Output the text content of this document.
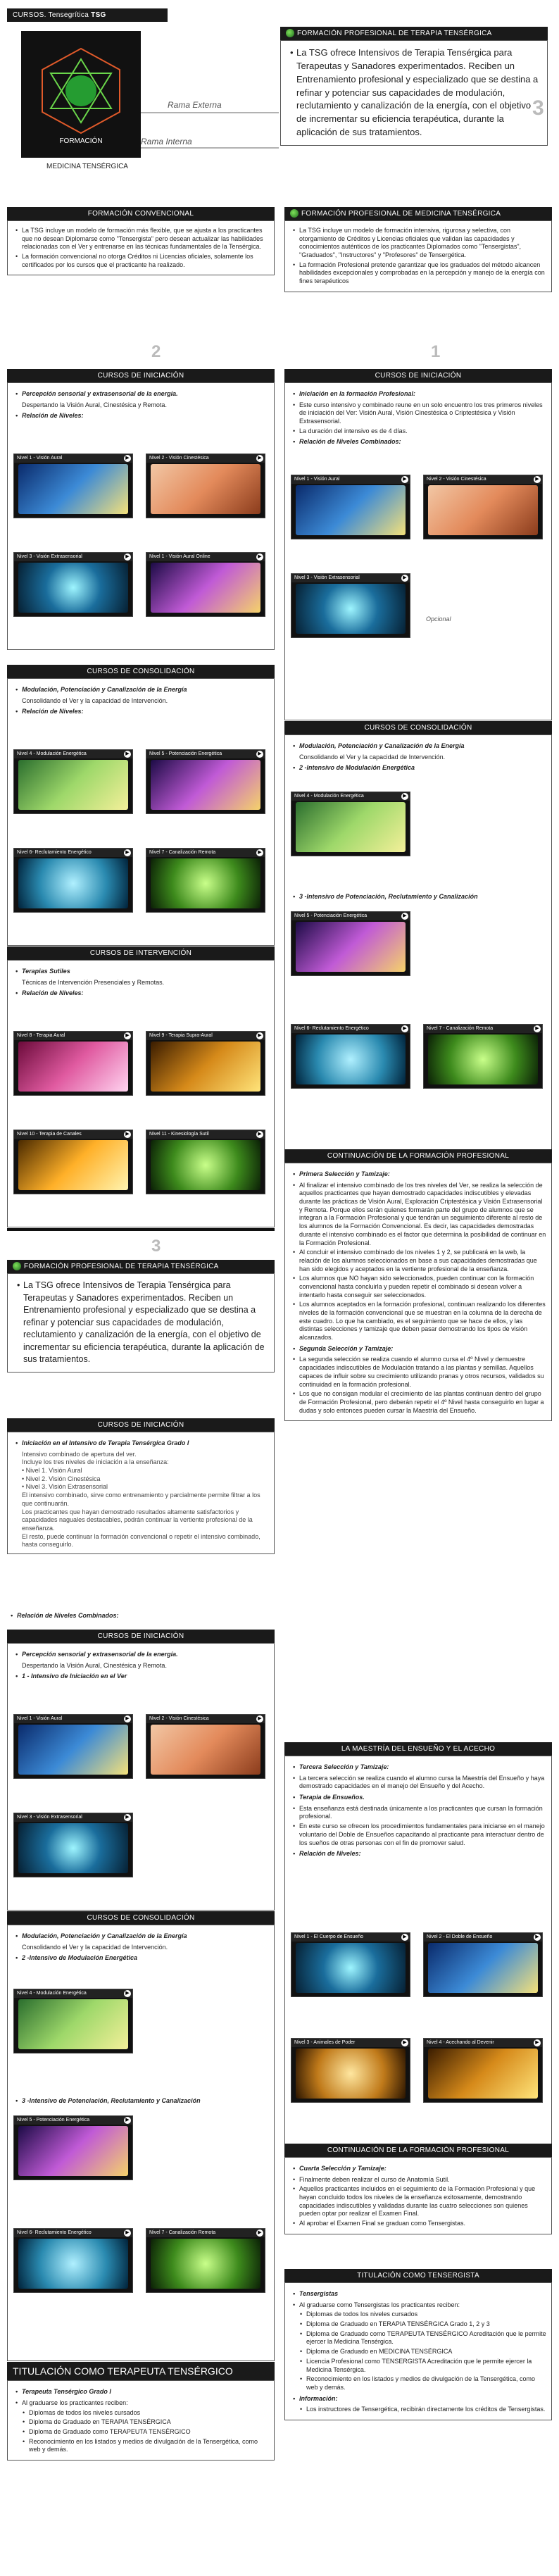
CURSOS. Tensegrítica TSG
FORMACIÓN
MEDICINA TENSÉRGICA
Rama Externa
Rama Interna
FORMACIÓN PROFESIONAL DE TERAPIA TENSÉRGICA
• La TSG ofrece Intensivos de Terapia Tensérgica para Terapeutas y Sanadores experimentados. Reciben un Entrenamiento profesional y especializado que se destina a refinar y potenciar sus capacidades de modulación, reclutamiento y canalización de la energía, con el objetivo de incrementar su eficiencia terapéutica, durante la aplicación de sus tratamientos.
3
FORMACIÓN CONVENCIONAL
• La TSG incluye un modelo de formación más flexible, que se ajusta a los practicantes que no desean Diplomarse como "Tensergista" pero desean actualizar las habilidades relacionadas con el Ver y entrenarse en las técnicas fundamentales de la Tensérgica.
• La formación convencional no otorga Créditos ni Licencias oficiales, solamente los certificados por los cursos que el practicante ha realizado.
2
CURSOS DE INICIACIÓN
• Percepción sensorial y extrasensorial de la energía.
Despertando la Visión Aural, Cinestésica y Remota.
• Relación de Niveles:
Nivel 1 - Visión Aural	▶	Nivel 2 - Visión Cinestésica	▶
Nivel 3 - Visión Extrasensorial	▶	Nivel 1 - Visión Aural Online	▶
CURSOS DE CONSOLIDACIÓN
• Modulación, Potenciación y Canalización de la Energía
Consolidando el Ver y la capacidad de Intervención.
• Relación de Niveles:
Nivel 4 - Modulación Energética	▶	Nivel 5 - Potenciación Energética	▶
Nivel 6- Reclutamiento Energético	▶	Nivel 7 - Canalización Remota	▶
CURSOS DE INTERVENCIÓN
• Terapias Sutiles
Técnicas de Intervención Presenciales y Remotas.
• Relación de Niveles:
Nivel 8 - Terapia Aural	▶	Nivel 9 - Terapia Supra-Aural	▶
Nivel 10 - Terapia de Canales	▶	Nivel 11 - Kinesiología Sutil	▶
3
FORMACIÓN PROFESIONAL DE TERAPIA TENSÉRGICA
• La TSG ofrece Intensivos de Terapia Tensérgica para Terapeutas y Sanadores experimentados. Reciben un Entrenamiento profesional y especializado que se destina a refinar y potenciar sus capacidades de modulación, reclutamiento y canalización de la energía, con el objetivo de incrementar su eficiencia terapéutica, durante la aplicación de sus tratamientos.
CURSOS DE INICIACIÓN
• Iniciación en el Intensivo de Terapia Tensérgica Grado I
Intensivo combinado de apertura del ver.
Incluye los tres niveles de iniciación a la enseñanza:
• Nivel 1. Visión Aural
• Nivel 2. Visión Cinestésica
• Nivel 3. Visión Extrasensorial
El intensivo combinado, sirve como entrenamiento y parcialmente permite filtrar a los que continuarán.
Los practicantes que hayan demostrado resultados altamente satisfactorios y capacidades naguales destacables, podrán continuar la vertiente profesional de la enseñanza.
El resto, puede continuar la formación convencional o repetir el intensivo combinado, hasta conseguirlo.
• Relación de Niveles Combinados:
CURSOS DE INICIACIÓN
• Percepción sensorial y extrasensorial de la energía.
Despertando la Visión Aural, Cinestésica y Remota.
• 1 - Intensivo de Iniciación en el Ver
Nivel 1 - Visión Aural	▶	Nivel 2 - Visión Cinestésica	▶
Nivel 3 - Visión Extrasensorial	▶
CURSOS DE CONSOLIDACIÓN
• Modulación, Potenciación y Canalización de la Energía
Consolidando el Ver y la capacidad de Intervención.
• 2 -Intensivo de Modulación Energética
Nivel 4 - Modulación Energética	▶
• 3 -Intensivo de Potenciación, Reclutamiento y Canalización
Nivel 5 - Potenciación Energética	▶
Nivel 6- Reclutamiento Energético	▶	Nivel 7 - Canalización Remota	▶
TITULACIÓN COMO TERAPEUTA TENSÉRGICO
• Terapeuta Tensérgico Grado I
• Al graduarse los practicantes reciben:
• Diplomas de todos los niveles cursados
• Diploma de Graduado en TERAPIA TENSÉRGICA
• Diploma de Graduado como TERAPEUTA TENSÉRGICO
• Reconocimiento en los listados y medios de divulgación de la Tensergética, como web y demás.
FORMACIÓN PROFESIONAL DE MEDICINA TENSÉRGICA
• La TSG incluye un modelo de formación intensiva, rigurosa y selectiva, con otorgamiento de Créditos y Licencias oficiales que validan las capacidades y conocimientos auténticos de los practicantes Diplomados como "Tensergistas", "Graduados", "Instructores" y "Profesores" de Tensergética.
• La formación Profesional pretende garantizar que los graduados del método alcancen habilidades excepcionales y comprobadas en la percepción y manejo de la energía con fines terapéuticos
1
CURSOS DE INICIACIÓN
• Iniciación en la formación Profesional:
• Este curso intensivo y combinado reune en un solo encuentro los tres primeros niveles de iniciación del Ver: Visión Aural, Visión Cinestésica o Criptestésica y Visión Extrasensorial.
• La duración del intensivo es de 4 días.
• Relación de Niveles Combinados:
Nivel 1 - Visión Aural	▶	Nivel 2 - Visión Cinestésica	▶
Nivel 3 - Visión Extrasensorial	▶
Opcional
CURSOS DE CONSOLIDACIÓN
• Modulación, Potenciación y Canalización de la Energía
Consolidando el Ver y la capacidad de Intervención.
• 2 -Intensivo de Modulación Energética
Nivel 4 - Modulación Energética	▶
• 3 -Intensivo de Potenciación, Reclutamiento y Canalización
Nivel 5 - Potenciación Energética	▶
Nivel 6- Reclutamiento Energético	▶	Nivel 7 - Canalización Remota	▶
CONTINUACIÓN DE LA FORMACIÓN PROFESIONAL
• Primera Selección y Tamizaje:
• Al finalizar el intensivo combinado de los tres niveles del Ver, se realiza la selección de aquellos practicantes que hayan demostrado capacidades indiscutibles y elevadas durante las prácticas de Visión Aural, Exploración Criptestésica y Visión Extrasensorial y Remota. Porque ellos serán quienes formarán parte del grupo de alumnos que se integran a la Formación Profesional y que tendrán un seguimiento diferente al resto de los alumnos de la Formación Convencional. Es decir, las capacidades demostradas durante el intensivo combinado es el factor que determina la posibilidad de continuar en la Formación Profesional.
• Al concluir el intensivo combinado de los niveles 1 y 2, se publicará en la web, la relación de los alumnos seleccionados en base a sus capacidades demostradas que han sido elegidos y aceptados en la vertiente profesional de la enseñanza.
• Los alumnos que NO hayan sido seleccionados, pueden continuar con la formación convencional hasta concluirla y pueden repetir el combinado si desean volver a intentarlo hasta conseguir ser seleccionados.
• Los alumnos aceptados en la formación profesional, continuan realizando los diferentes niveles de la formación convencional que se muestran en la columna de la derecha de este cuadro. Lo que ha cambiado, es el seguimiento que se hace de ellos, y las distintas selecciones y tamizaje que deben pasar demostrando los tipos de visión alcanzados.
• Segunda Selección y Tamizaje:
• La segunda selección se realiza cuando el alumno cursa el 4º Nivel y demuestre capacidades indiscutibles de Modulación tratando a las plantas y semillas. Aquellos capaces de influir sobre su crecimiento utilizando pranas y otros recursos, validados su continuidad en la formación profesional.
• Los que no consigan modular el crecimiento de las plantas continuan dentro del grupo de Formación Profesional, pero deberán repetir el 4º Nivel hasta conseguirlo en lugar a dudas y solo entonces pueden cursar la Maestría del Ensueño.
LA MAESTRÍA DEL ENSUEÑO Y EL ACECHO
• Tercera Selección y Tamizaje:
• La tercera selección se realiza cuando el alumno cursa la Maestría del Ensueño y haya demostrado capacidades en el manejo del Ensueño y del Acecho.
• Terapia de Ensueños.
• Esta enseñanza está destinada únicamente a los practicantes que cursan la formación profesional.
• En este curso se ofrecen los procedimientos fundamentales para iniciarse en el manejo voluntario del Doble de Ensueños capacitando al practicante para interactuar dentro de los sueños de otras personas con el fin de promover salud.
• Relación de Niveles:
Nivel 1 - El Cuerpo de Ensueño	▶	Nivel 2 - El Doble de Ensueño	▶
Nivel 3 - Animales de Poder	▶	Nivel 4 - Acechando al Devenir	▶
CONTINUACIÓN DE LA FORMACIÓN PROFESIONAL
• Cuarta Selección y Tamizaje:
• Finalmente deben realizar el curso de Anatomía Sutil.
• Aquellos practicantes incluidos en el seguimiento de la Formación Profesional y que hayan concluido todos los niveles de la enseñanza exitosamente, demostrando capacidades indiscutibles y validadas durante las cuatro selecciones son quienes pueden optar por realizar el Examen Final.
• Al aprobar el Examen Final se graduan como Tensergistas.
TITULACIÓN COMO TENSERGISTA
• Tensergistas
• Al graduarse como Tensergistas los practicantes reciben:
• Diplomas de todos los niveles cursados
• Diploma de Graduado en TERAPIA TENSÉRGICA Grado 1, 2 y 3
• Diploma de Graduado como TERAPEUTA TENSÉRGICO Acreditación que le permite ejercer la Medicina Tensérgica.
• Diploma de Graduado en MEDICINA TENSÉRGICA
• Licencia Profesional como TENSERGISTA Acreditación que le permite ejercer la Medicina Tensérgica.
• Reconocimiento en los listados y medios de divulgación de la Tensergética, como web y demás.
• Información:
• Los instructores de Tensergética, recibirán directamente los créditos de Tensergistas.
